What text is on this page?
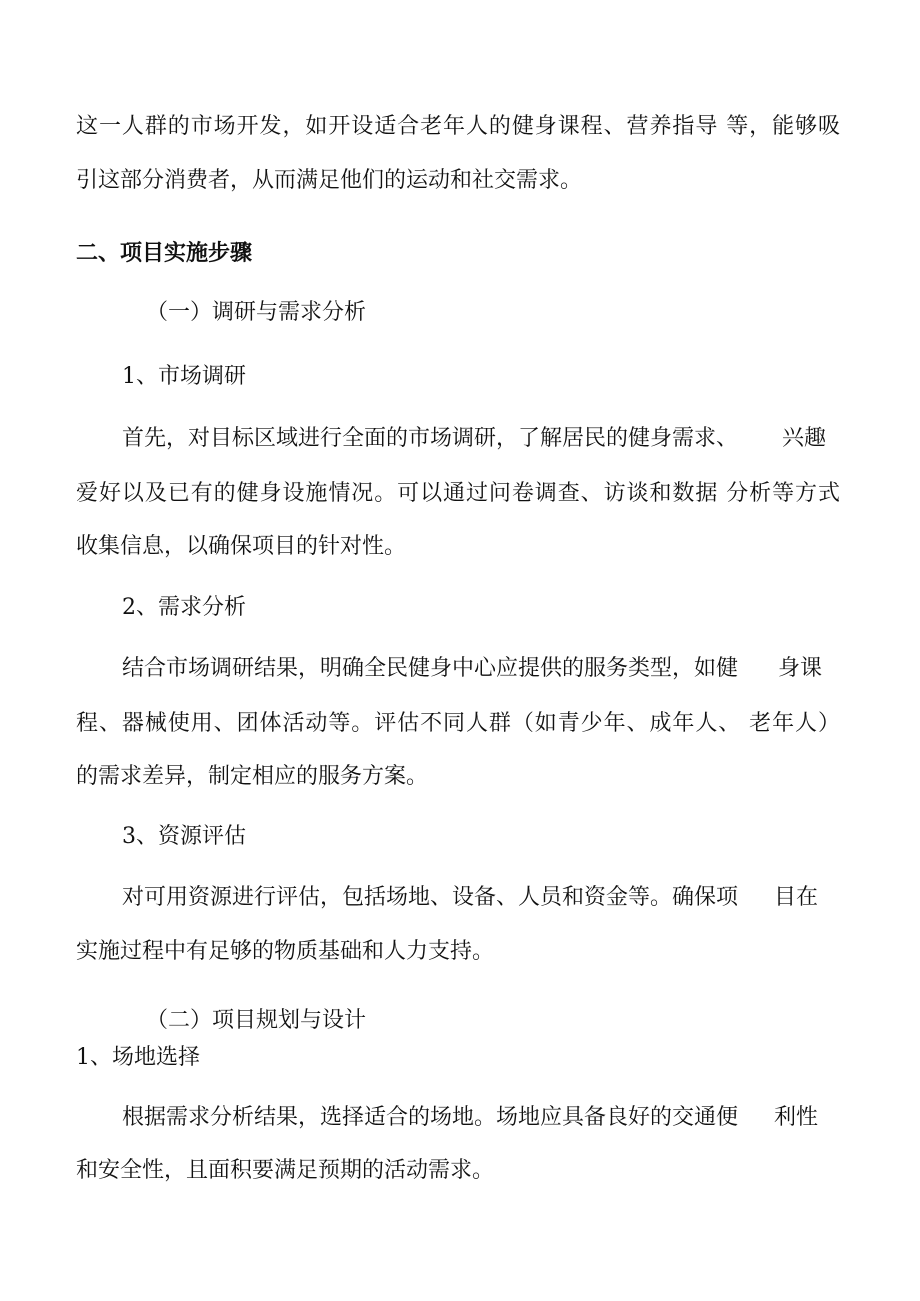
这一人群的市场开发，如开设适合老年人的健身课程、营养指导 等，能够吸
引这部分消费者，从而满足他们的运动和社交需求。
二、项目实施步骤
（一）调研与需求分析
1、市场调研
首先，对目标区域进行全面的市场调研，了解居民的健身需求、 兴趣
爱好以及已有的健身设施情况。可以通过问卷调查、访谈和数据 分析等方式
收集信息，以确保项目的针对性。
2、需求分析
结合市场调研结果，明确全民健身中心应提供的服务类型，如健 身课
程、器械使用、团体活动等。评估不同人群（如青少年、成年人、 老年人）
的需求差异，制定相应的服务方案。
3、资源评估
对可用资源进行评估，包括场地、设备、人员和资金等。确保项 目在
实施过程中有足够的物质基础和人力支持。
（二）项目规划与设计
1、场地选择
根据需求分析结果，选择适合的场地。场地应具备良好的交通便 利性
和安全性，且面积要满足预期的活动需求。
